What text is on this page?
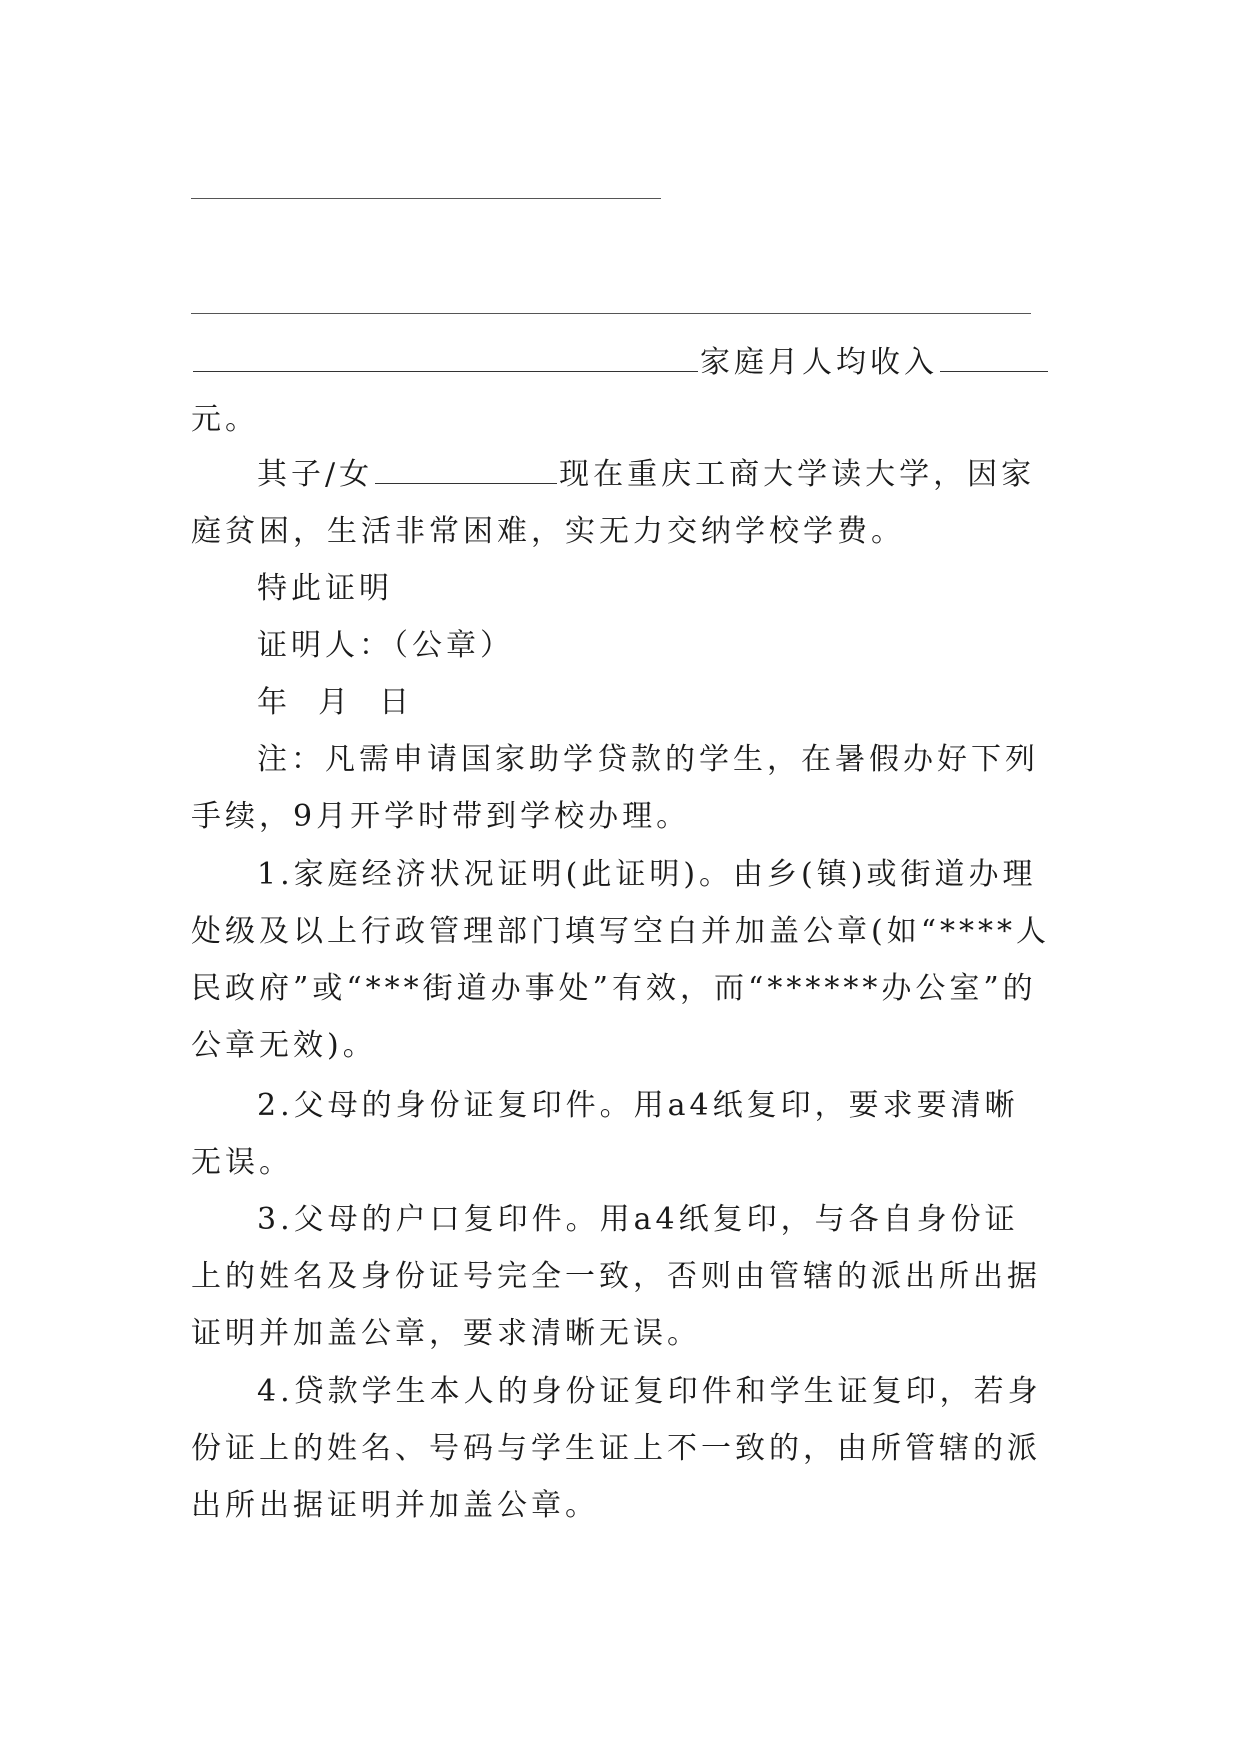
家庭月人均收入
元。
其子/女	现在重庆工商大学读大学，因家庭贫困，生活非常困难，实无力交纳学校学费。
特此证明
证明人：（公章）
年  月  日
注：凡需申请国家助学贷款的学生，在暑假办好下列手续，9月开学时带到学校办理。
1.家庭经济状况证明(此证明)。由乡(镇)或街道办理处级及以上行政管理部门填写空白并加盖公章(如“****人民政府”或“***街道办事处”有效，而“******办公室”的公章无效)。
2.父母的身份证复印件。用a4纸复印，要求要清晰无误。
3.父母的户口复印件。用a4纸复印，与各自身份证上的姓名及身份证号完全一致，否则由管辖的派出所出据证明并加盖公章，要求清晰无误。
4.贷款学生本人的身份证复印件和学生证复印，若身份证上的姓名、号码与学生证上不一致的，由所管辖的派出所出据证明并加盖公章。
